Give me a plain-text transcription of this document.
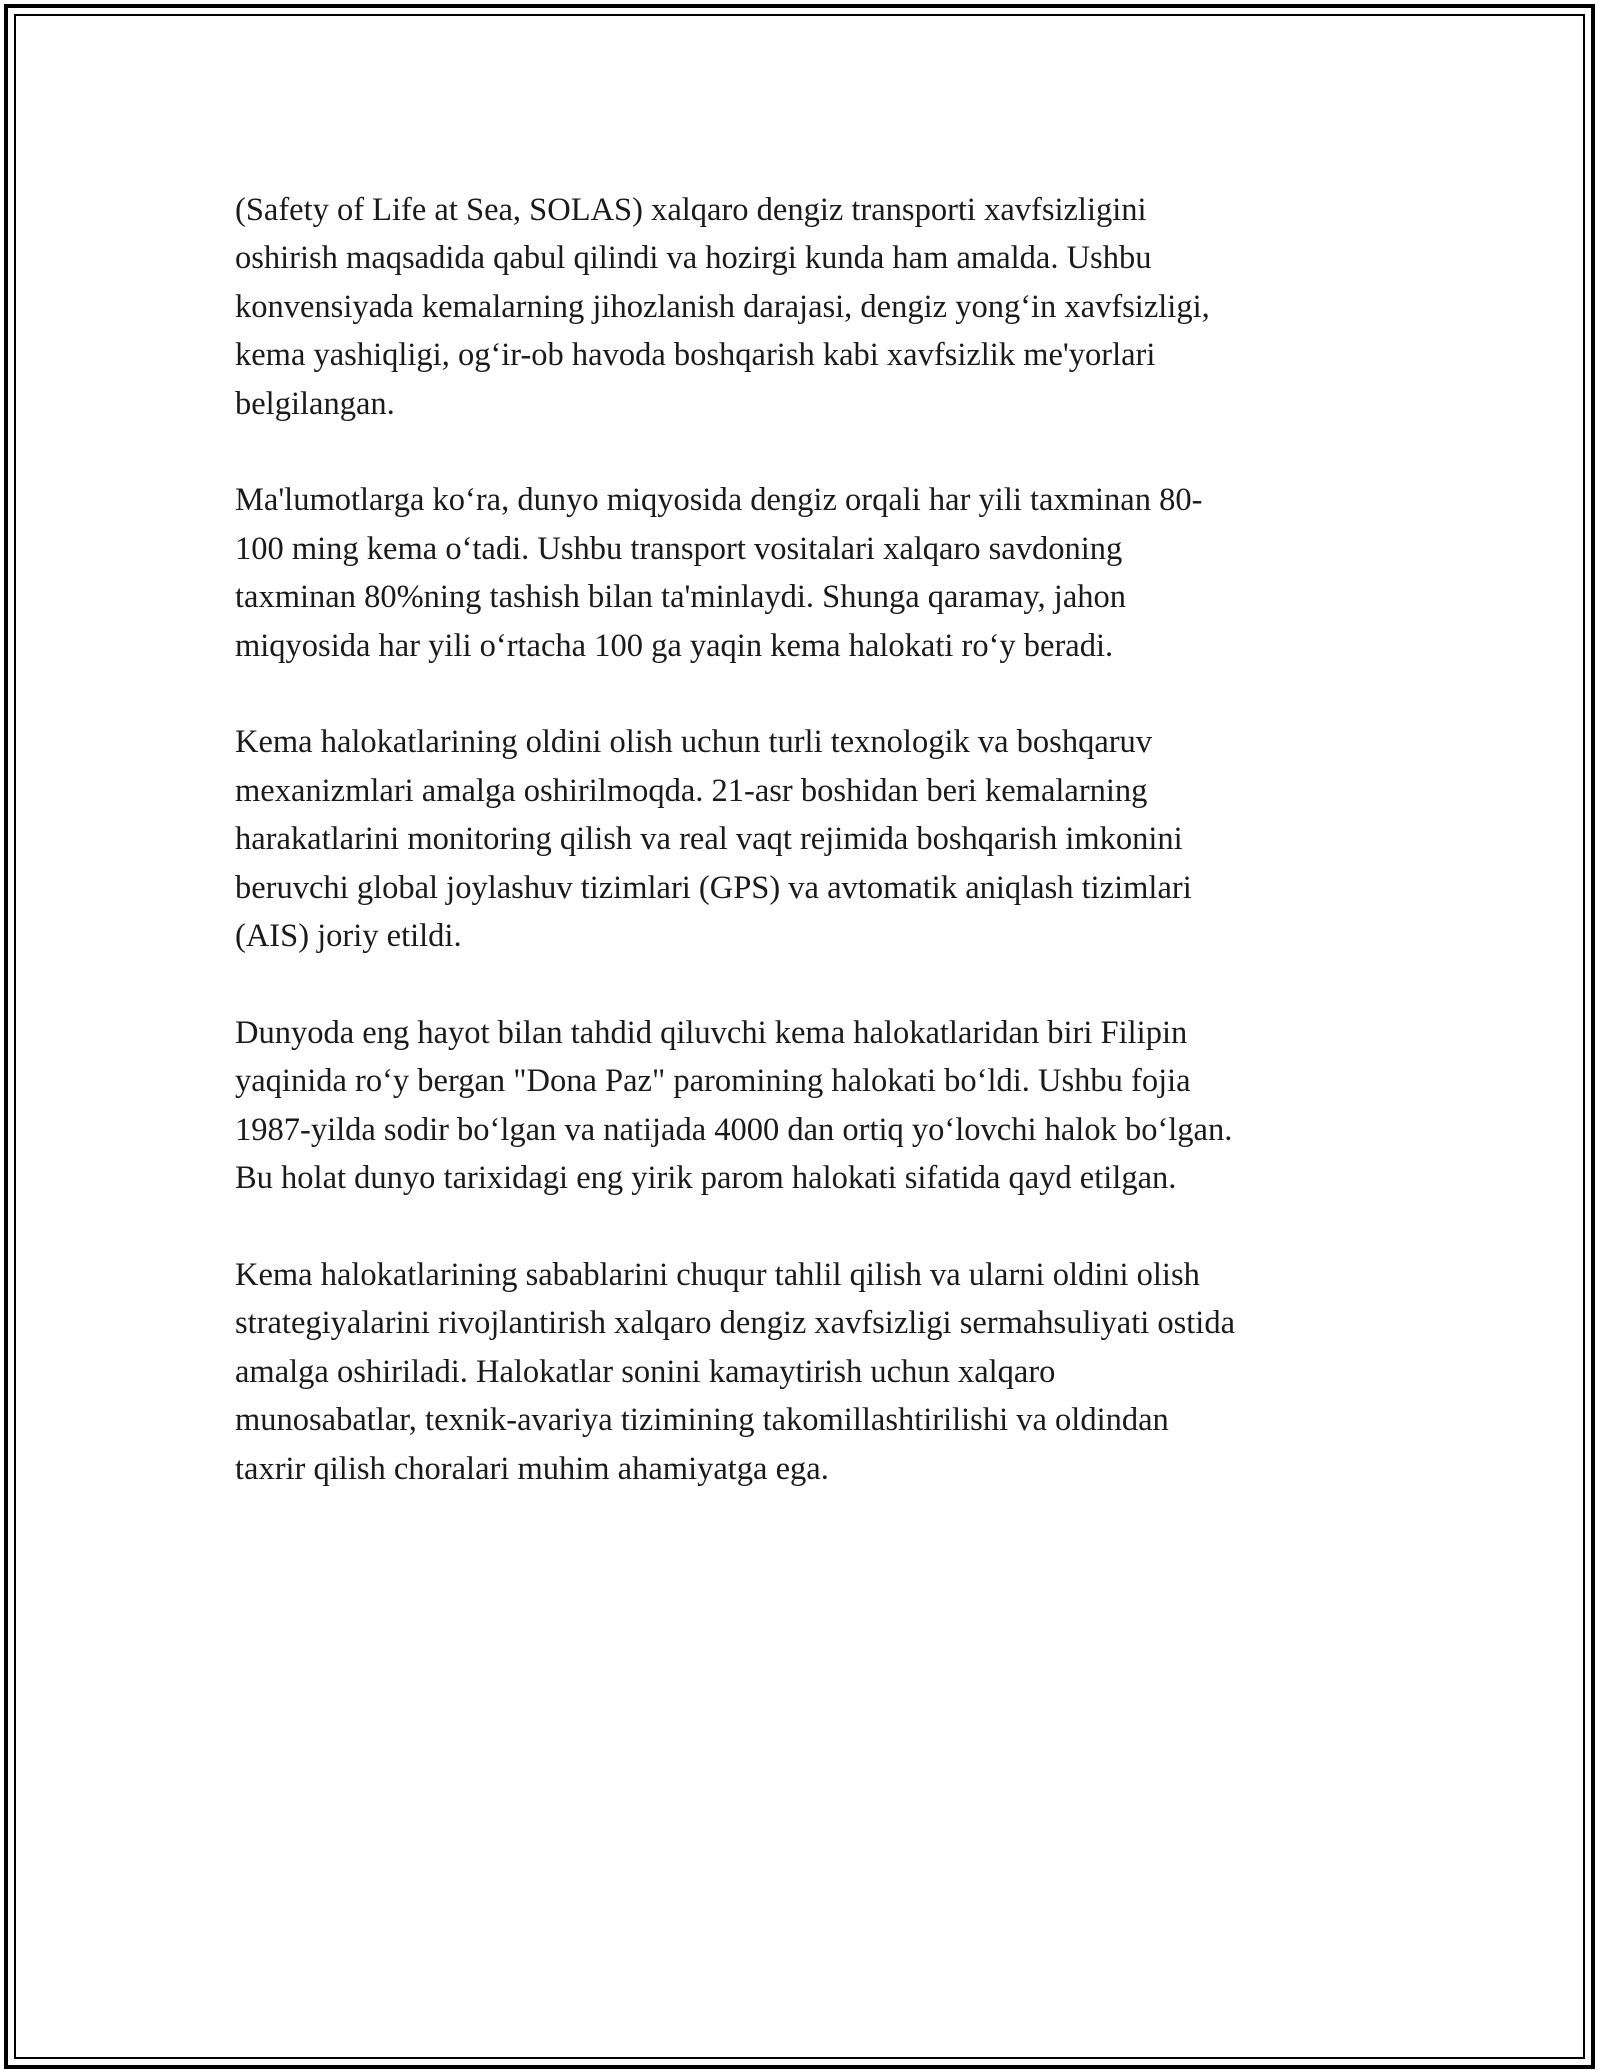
(Safety of Life at Sea, SOLAS) xalqaro dengiz transporti xavfsizligini
oshirish maqsadida qabul qilindi va hozirgi kunda ham amalda. Ushbu
konvensiyada kemalarning jihozlanish darajasi, dengiz yong‘in xavfsizligi,
kema yashiqligi, og‘ir-ob havoda boshqarish kabi xavfsizlik me'yorlari
belgilangan.

Ma'lumotlarga ko‘ra, dunyo miqyosida dengiz orqali har yili taxminan 80-
100 ming kema o‘tadi. Ushbu transport vositalari xalqaro savdoning
taxminan 80%ning tashish bilan ta'minlaydi. Shunga qaramay, jahon
miqyosida har yili o‘rtacha 100 ga yaqin kema halokati ro‘y beradi.

Kema halokatlarining oldini olish uchun turli texnologik va boshqaruv
mexanizmlari amalga oshirilmoqda. 21-asr boshidan beri kemalarning
harakatlarini monitoring qilish va real vaqt rejimida boshqarish imkonini
beruvchi global joylashuv tizimlari (GPS) va avtomatik aniqlash tizimlari
(AIS) joriy etildi.

Dunyoda eng hayot bilan tahdid qiluvchi kema halokatlaridan biri Filipin
yaqinida ro‘y bergan "Dona Paz" paromining halokati bo‘ldi. Ushbu fojia
1987-yilda sodir bo‘lgan va natijada 4000 dan ortiq yo‘lovchi halok bo‘lgan.
Bu holat dunyo tarixidagi eng yirik parom halokati sifatida qayd etilgan.

Kema halokatlarining sabablarini chuqur tahlil qilish va ularni oldini olish
strategiyalarini rivojlantirish xalqaro dengiz xavfsizligi sermahsuliyati ostida
amalga oshiriladi. Halokatlar sonini kamaytirish uchun xalqaro
munosabatlar, texnik-avariya tizimining takomillashtirilishi va oldindan
taxrir qilish choralari muhim ahamiyatga ega.
